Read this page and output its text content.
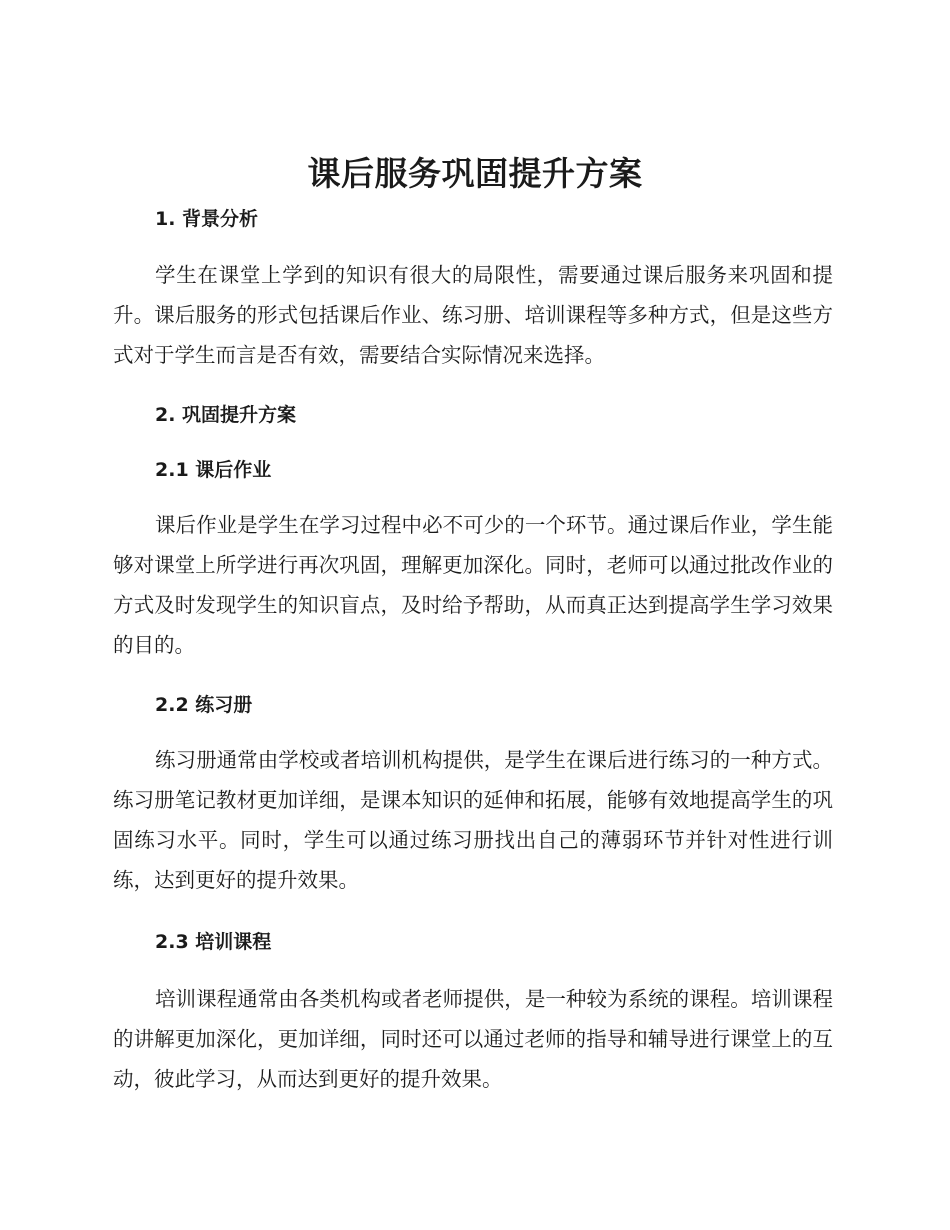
课后服务巩固提升方案
1. 背景分析

学生在课堂上学到的知识有很大的局限性，需要通过课后服务来巩固和提升。课后服务的形式包括课后作业、练习册、培训课程等多种方式，但是这些方式对于学生而言是否有效，需要结合实际情况来选择。

2. 巩固提升方案
2.1 课后作业

课后作业是学生在学习过程中必不可少的一个环节。通过课后作业，学生能够对课堂上所学进行再次巩固，理解更加深化。同时，老师可以通过批改作业的方式及时发现学生的知识盲点，及时给予帮助，从而真正达到提高学生学习效果的目的。

2.2 练习册

练习册通常由学校或者培训机构提供，是学生在课后进行练习的一种方式。练习册笔记教材更加详细，是课本知识的延伸和拓展，能够有效地提高学生的巩固练习水平。同时，学生可以通过练习册找出自己的薄弱环节并针对性进行训练，达到更好的提升效果。

2.3 培训课程

培训课程通常由各类机构或者老师提供，是一种较为系统的课程。培训课程的讲解更加深化，更加详细，同时还可以通过老师的指导和辅导进行课堂上的互动，彼此学习，从而达到更好的提升效果。
